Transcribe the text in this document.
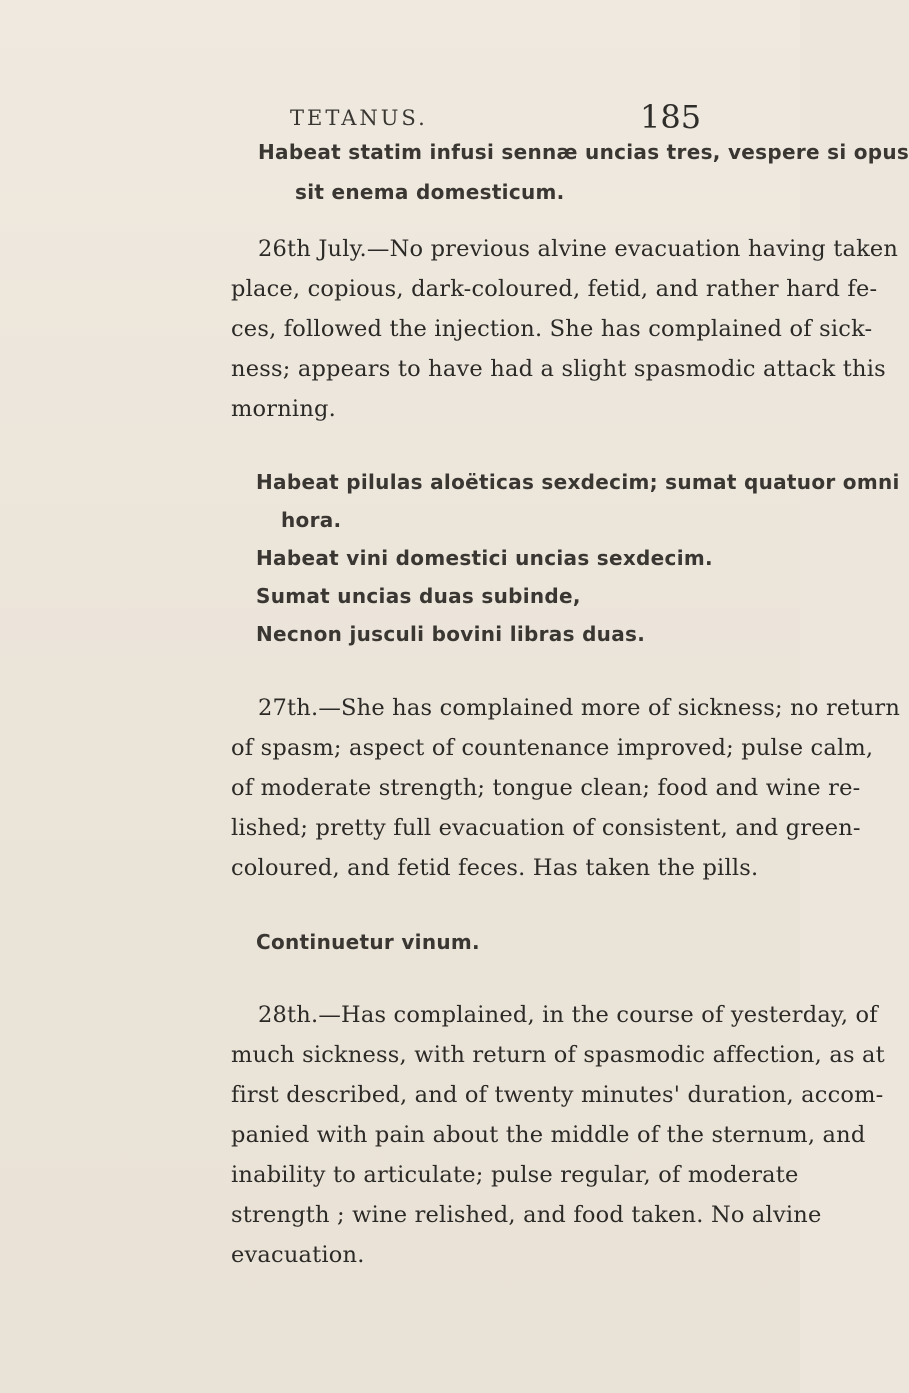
TETANUS.	185
Habeat statim infusi sennæ uncias tres, vespere si opus
sit enema domesticum.
26th July.—No previous alvine evacuation having taken
place, copious, dark-coloured, fetid, and rather hard fe-
ces, followed the injection. She has complained of sick-
ness; appears to have had a slight spasmodic attack this
morning.
Habeat pilulas aloëticas sexdecim; sumat quatuor omni
hora.
Habeat vini domestici uncias sexdecim.
Sumat uncias duas subinde,
Necnon jusculi bovini libras duas.
27th.—She has complained more of sickness; no return
of spasm; aspect of countenance improved; pulse calm,
of moderate strength; tongue clean; food and wine re-
lished; pretty full evacuation of consistent, and green-
coloured, and fetid feces. Has taken the pills.
Continuetur vinum.
28th.—Has complained, in the course of yesterday, of
much sickness, with return of spasmodic affection, as at
first described, and of twenty minutes' duration, accom-
panied with pain about the middle of the sternum, and
inability to articulate; pulse regular, of moderate
strength ; wine relished, and food taken. No alvine
evacuation.
